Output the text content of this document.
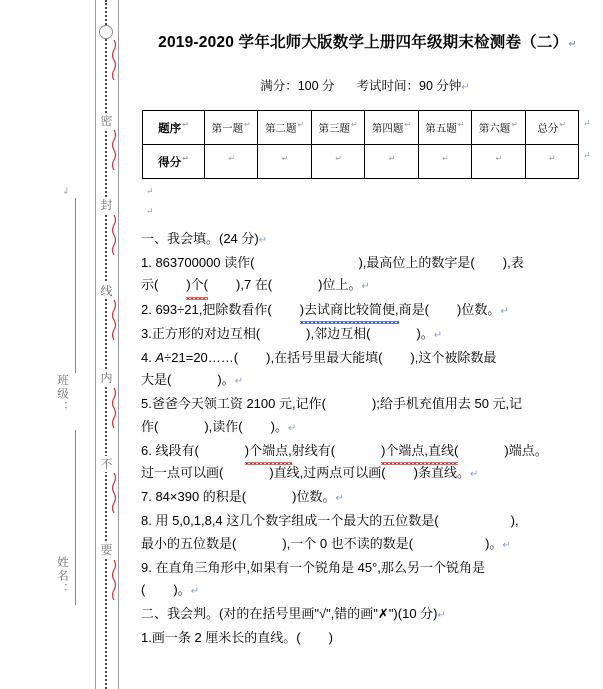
↲
班级：
姓名：
密
封
线
内
不
要
2019-2020 学年北师大版数学上册四年级期末检测卷（二）↵
满分：100 分 考试时间：90 分钟↵
题序↵	第一题↵	第二题↵	第三题↵	第四题↵	第五题↵	第六题↵	总分↵
得分↵	↵	↵	↵	↵	↵	↵	↵
↵
↵
↵
↵
一、我会填。(24 分)↵
1. 863700000 读作(	),最高位上的数字是( ),表
示( )个( ),7 在(	)位上。↵
2. 693÷21,把除数看作( )去试商比较简便,商是( )位数。↵
3.正方形的对边互相(	),邻边互相(	)。↵
4. A÷21=20……( ),在括号里最大能填( ),这个被除数最
大是(	)。↵
5.爸爸今天领工资 2100 元,记作(	);给手机充值用去 50 元,记
作(	),读作( )。↵
6. 线段有(	)个端点,射线有(	)个端点,直线(	)端点。
过一点可以画(	)直线,过两点可以画( )条直线。↵
7. 84×390 的积是(	)位数。↵
8. 用 5,0,1,8,4 这几个数字组成一个最大的五位数是(	),
最小的五位数是(	),一个 0 也不读的数是(	)。↵
9. 在直角三角形中,如果有一个锐角是 45°,那么另一个锐角是
( )。↵
二、我会判。(对的在括号里画"√",错的画"✗")(10 分)↵
1.画一条 2 厘米长的直线。( )
